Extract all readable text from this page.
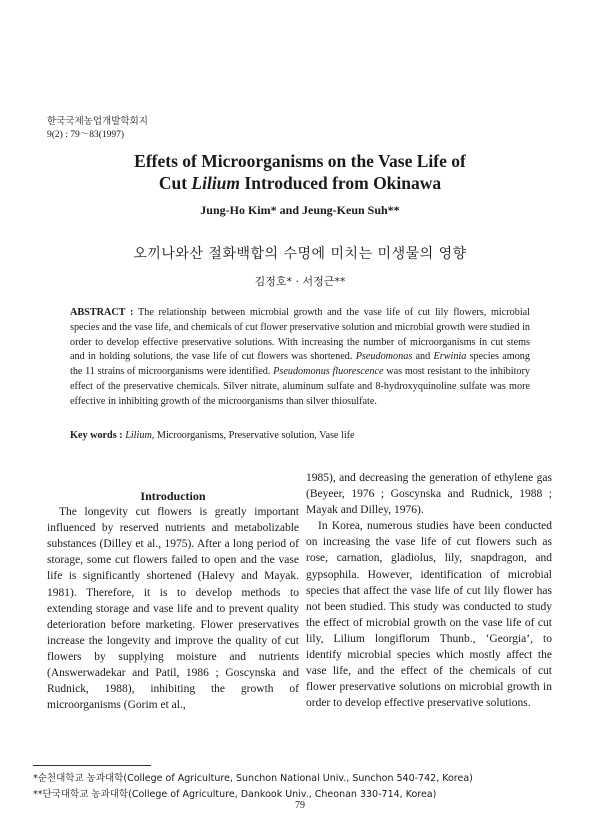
한국국제농업개발학회지
9(2) : 79～83(1997)
Effets of Microorganisms on the Vase Life of
Cut Lilium Introduced from Okinawa
Jung-Ho Kim* and Jeung-Keun Suh**
오끼나와산 절화백합의 수명에 미치는 미생물의 영향
김정호* · 서정근**
ABSTRACT : The relationship between microbial growth and the vase life of cut lily flowers, microbial species and the vase life, and chemicals of cut flower preservative solution and microbial growth were studied in order to develop effective preservative solutions. With increasing the number of microorganisms in cut stems and in holding solutions, the vase life of cut flowers was shortened. Pseudomonas and Erwinia species among the 11 strains of microorganisms were identified. Pseudomonus fluorescence was most resistant to the inhibitory effect of the preservative chemicals. Silver nitrate, aluminum sulfate and 8-hydroxyquinoline sulfate was more effective in inhibiting growth of the microorganisms than silver thiosulfate.
Key words : Lilium, Microorganisms, Preservative solution, Vase life

Introduction

The longevity cut flowers is greatly important influenced by reserved nutrients and metabolizable substances (Dilley et al., 1975). After a long period of storage, some cut flowers failed to open and the vase life is significantly shortened (Halevy and Mayak. 1981). Therefore, it is to develop methods to extending storage and vase life and to prevent quality deterioration before marketing. Flower preservatives increase the longevity and improve the quality of cut flowers by supplying moisture and nutrients (Answerwadekar and Patil, 1986 ; Goscynska and Rudnick, 1988), inhibiting the growth of microorganisms (Gorim et al.,

1985), and decreasing the generation of ethylene gas (Beyeer, 1976 ; Goscynska and Rudnick, 1988 ; Mayak and Dilley, 1976).

In Korea, numerous studies have been conducted on increasing the vase life of cut flowers such as rose, carnation, gladiolus, lily, snapdragon, and gypsophila. However, identification of microbial species that affect the vase life of cut lily flower has not been studied. This study was conducted to study the effect of microbial growth on the vase life of cut lily, Lilium longiflorum Thunb., ‘Georgia’, to identify microbial species which mostly affect the vase life, and the effect of the chemicals of cut flower preservative solutions on microbial growth in order to develop effective preservative solutions.

*순천대학교 농과대학(College of Agriculture, Sunchon National Univ., Sunchon 540-742, Korea)
**단국대학교 농과대학(College of Agriculture, Dankook Univ., Cheonan 330-714, Korea)
79
